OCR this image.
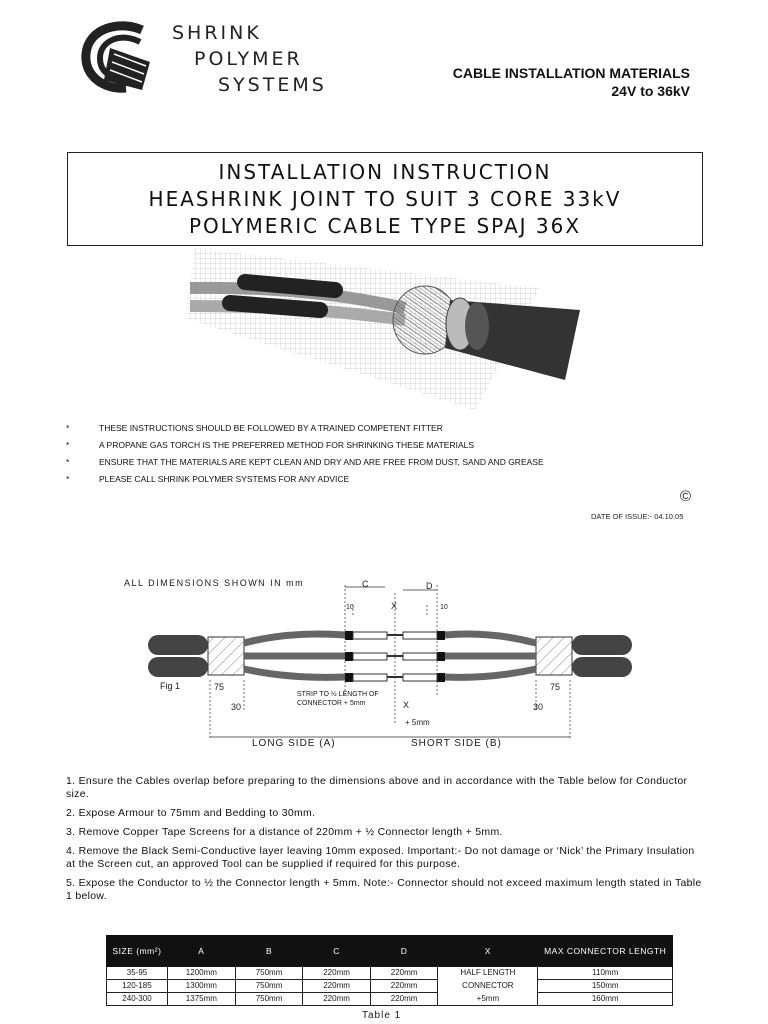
SHRINK
POLYMER
SYSTEMS
CABLE INSTALLATION MATERIALS
24V to 36kV
INSTALLATION INSTRUCTION
HEASHRINK JOINT TO SUIT 3 CORE 33kV
POLYMERIC CABLE TYPE SPAJ 36X
*	THESE INSTRUCTIONS SHOULD BE FOLLOWED BY A TRAINED COMPETENT FITTER
*	A PROPANE GAS TORCH IS THE PREFERRED METHOD FOR SHRINKING THESE MATERIALS
*	ENSURE THAT THE MATERIALS ARE KEPT CLEAN AND DRY AND ARE FREE FROM DUST, SAND AND GREASE
*	PLEASE CALL SHRINK POLYMER SYSTEMS FOR ANY ADVICE
©
DATE OF ISSUE:- 04.10.05
ALL DIMENSIONS SHOWN IN mm	C	D
10	10
X
X
+ 5mm
75
30
75
30
Fig 1
STRIP TO ½ LENGTH OF
CONNECTOR + 5mm
LONG SIDE (A)	SHORT SIDE (B)

1. Ensure the Cables overlap before preparing to the dimensions above and in accordance with the Table below for Conductor size.

2. Expose Armour to 75mm and Bedding to 30mm.

3. Remove Copper Tape Screens for a distance of 220mm + ½ Connector length + 5mm.

4. Remove the Black Semi-Conductive layer leaving 10mm exposed. Important:- Do not damage or ‘Nick’ the Primary Insulation at the Screen cut, an approved Tool can be supplied if required for this purpose.

5. Expose the Conductor to ½ the Connector length + 5mm. Note:- Connector should not exceed maximum length stated in Table 1 below.

SIZE (mm²)	A	B	C	D	X	MAX CONNECTOR LENGTH
35-95	1200mm	750mm	220mm	220mm	HALF LENGTH	110mm
120-185	1300mm	750mm	220mm	220mm	CONNECTOR	150mm
240-300	1375mm	750mm	220mm	220mm	+5mm	160mm
Table 1
